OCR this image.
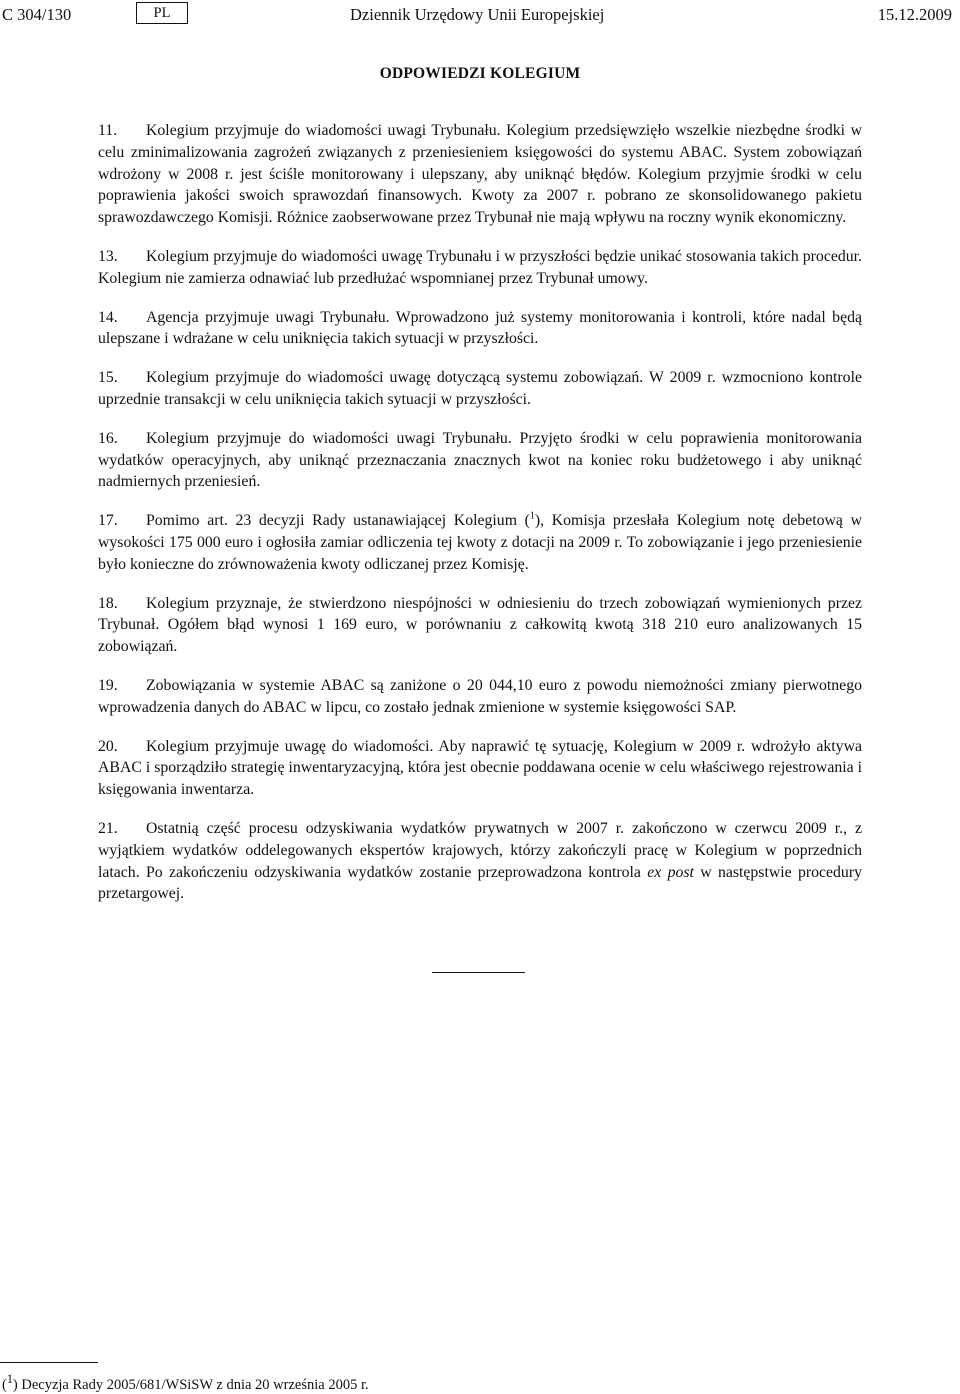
C 304/130	PL	Dziennik Urzędowy Unii Europejskiej	15.12.2009
ODPOWIEDZI KOLEGIUM

11. Kolegium przyjmuje do wiadomości uwagi Trybunału. Kolegium przedsięwzięło wszelkie niezbędne środki w celu zminimalizowania zagrożeń związanych z przeniesieniem księgowości do systemu ABAC. System zobowiązań wdrożony w 2008 r. jest ściśle monitorowany i ulepszany, aby uniknąć błędów. Kolegium przyjmie środki w celu poprawienia jakości swoich sprawozdań finansowych. Kwoty za 2007 r. pobrano ze skonsolidowanego pakietu sprawozdawczego Komisji. Różnice zaobserwowane przez Trybunał nie mają wpływu na roczny wynik ekonomiczny.

13. Kolegium przyjmuje do wiadomości uwagę Trybunału i w przyszłości będzie unikać stosowania takich procedur. Kolegium nie zamierza odnawiać lub przedłużać wspomnianej przez Trybunał umowy.

14. Agencja przyjmuje uwagi Trybunału. Wprowadzono już systemy monitorowania i kontroli, które nadal będą ulepszane i wdrażane w celu uniknięcia takich sytuacji w przyszłości.

15. Kolegium przyjmuje do wiadomości uwagę dotyczącą systemu zobowiązań. W 2009 r. wzmocniono kontrole uprzednie transakcji w celu uniknięcia takich sytuacji w przyszłości.

16. Kolegium przyjmuje do wiadomości uwagi Trybunału. Przyjęto środki w celu poprawienia monitorowania wydatków operacyjnych, aby uniknąć przeznaczania znacznych kwot na koniec roku budżetowego i aby uniknąć nadmiernych przeniesień.

17. Pomimo art. 23 decyzji Rady ustanawiającej Kolegium ($^1$), Komisja przesłała Kolegium notę debetową w wysokości 175 000 euro i ogłosiła zamiar odliczenia tej kwoty z dotacji na 2009 r. To zobowiązanie i jego przeniesienie było konieczne do zrównoważenia kwoty odliczanej przez Komisję.

18. Kolegium przyznaje, że stwierdzono niespójności w odniesieniu do trzech zobowiązań wymienionych przez Trybunał. Ogółem błąd wynosi 1 169 euro, w porównaniu z całkowitą kwotą 318 210 euro analizowanych 15 zobowiązań.

19. Zobowiązania w systemie ABAC są zaniżone o 20 044,10 euro z powodu niemożności zmiany pierwotnego wprowadzenia danych do ABAC w lipcu, co zostało jednak zmienione w systemie księgowości SAP.

20. Kolegium przyjmuje uwagę do wiadomości. Aby naprawić tę sytuację, Kolegium w 2009 r. wdrożyło aktywa ABAC i sporządziło strategię inwentaryzacyjną, która jest obecnie poddawana ocenie w celu właściwego rejestrowania i księgowania inwentarza.

21. Ostatnią część procesu odzyskiwania wydatków prywatnych w 2007 r. zakończono w czerwcu 2009 r., z wyjątkiem wydatków oddelegowanych ekspertów krajowych, którzy zakończyli pracę w Kolegium w poprzednich latach. Po zakończeniu odzyskiwania wydatków zostanie przeprowadzona kontrola ex post w następstwie procedury przetargowej.

($^1$) Decyzja Rady 2005/681/WSiSW z dnia 20 września 2005 r.
